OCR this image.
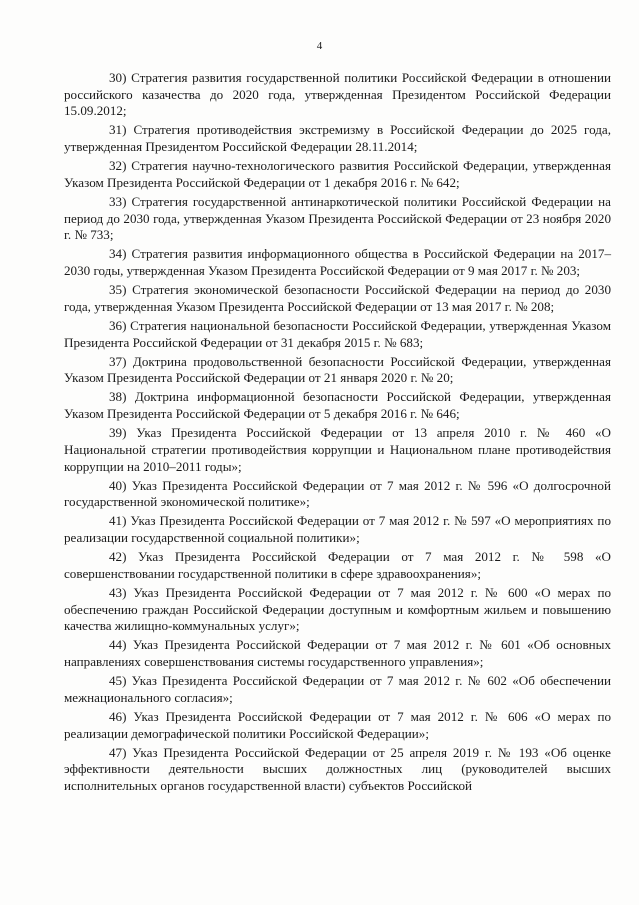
4

30) Стратегия развития государственной политики Российской Федерации в отношении российского казачества до 2020 года, утвержденная Президентом Российской Федерации 15.09.2012;

31) Стратегия противодействия экстремизму в Российской Федерации до 2025 года, утвержденная Президентом Российской Федерации 28.11.2014;

32) Стратегия научно-технологического развития Российской Федерации, утвержденная Указом Президента Российской Федерации от 1 декабря 2016 г. № 642;

33) Стратегия государственной антинаркотической политики Российской Федерации на период до 2030 года, утвержденная Указом Президента Российской Федерации от 23 ноября 2020 г. № 733;

34) Стратегия развития информационного общества в Российской Федерации на 2017–2030 годы, утвержденная Указом Президента Российской Федерации от 9 мая 2017 г. № 203;

35) Стратегия экономической безопасности Российской Федерации на период до 2030 года, утвержденная Указом Президента Российской Федерации от 13 мая 2017 г. № 208;

36) Стратегия национальной безопасности Российской Федерации, утвержденная Указом Президента Российской Федерации от 31 декабря 2015 г. № 683;

37) Доктрина продовольственной безопасности Российской Федерации, утвержденная Указом Президента Российской Федерации от 21 января 2020 г. № 20;

38) Доктрина информационной безопасности Российской Федерации, утвержденная Указом Президента Российской Федерации от 5 декабря 2016 г. № 646;

39) Указ Президента Российской Федерации от 13 апреля 2010 г. № 460 «О Национальной стратегии противодействия коррупции и Национальном плане противодействия коррупции на 2010–2011 годы»;

40) Указ Президента Российской Федерации от 7 мая 2012 г. № 596 «О долгосрочной государственной экономической политике»;

41) Указ Президента Российской Федерации от 7 мая 2012 г. № 597 «О мероприятиях по реализации государственной социальной политики»;

42) Указ Президента Российской Федерации от 7 мая 2012 г. № 598 «О совершенствовании государственной политики в сфере здравоохранения»;

43) Указ Президента Российской Федерации от 7 мая 2012 г. № 600 «О мерах по обеспечению граждан Российской Федерации доступным и комфортным жильем и повышению качества жилищно-коммунальных услуг»;

44) Указ Президента Российской Федерации от 7 мая 2012 г. № 601 «Об основных направлениях совершенствования системы государственного управления»;

45) Указ Президента Российской Федерации от 7 мая 2012 г. № 602 «Об обеспечении межнационального согласия»;

46) Указ Президента Российской Федерации от 7 мая 2012 г. № 606 «О мерах по реализации демографической политики Российской Федерации»;

47) Указ Президента Российской Федерации от 25 апреля 2019 г. № 193 «Об оценке эффективности деятельности высших должностных лиц (руководителей высших исполнительных органов государственной власти) субъектов Российской
